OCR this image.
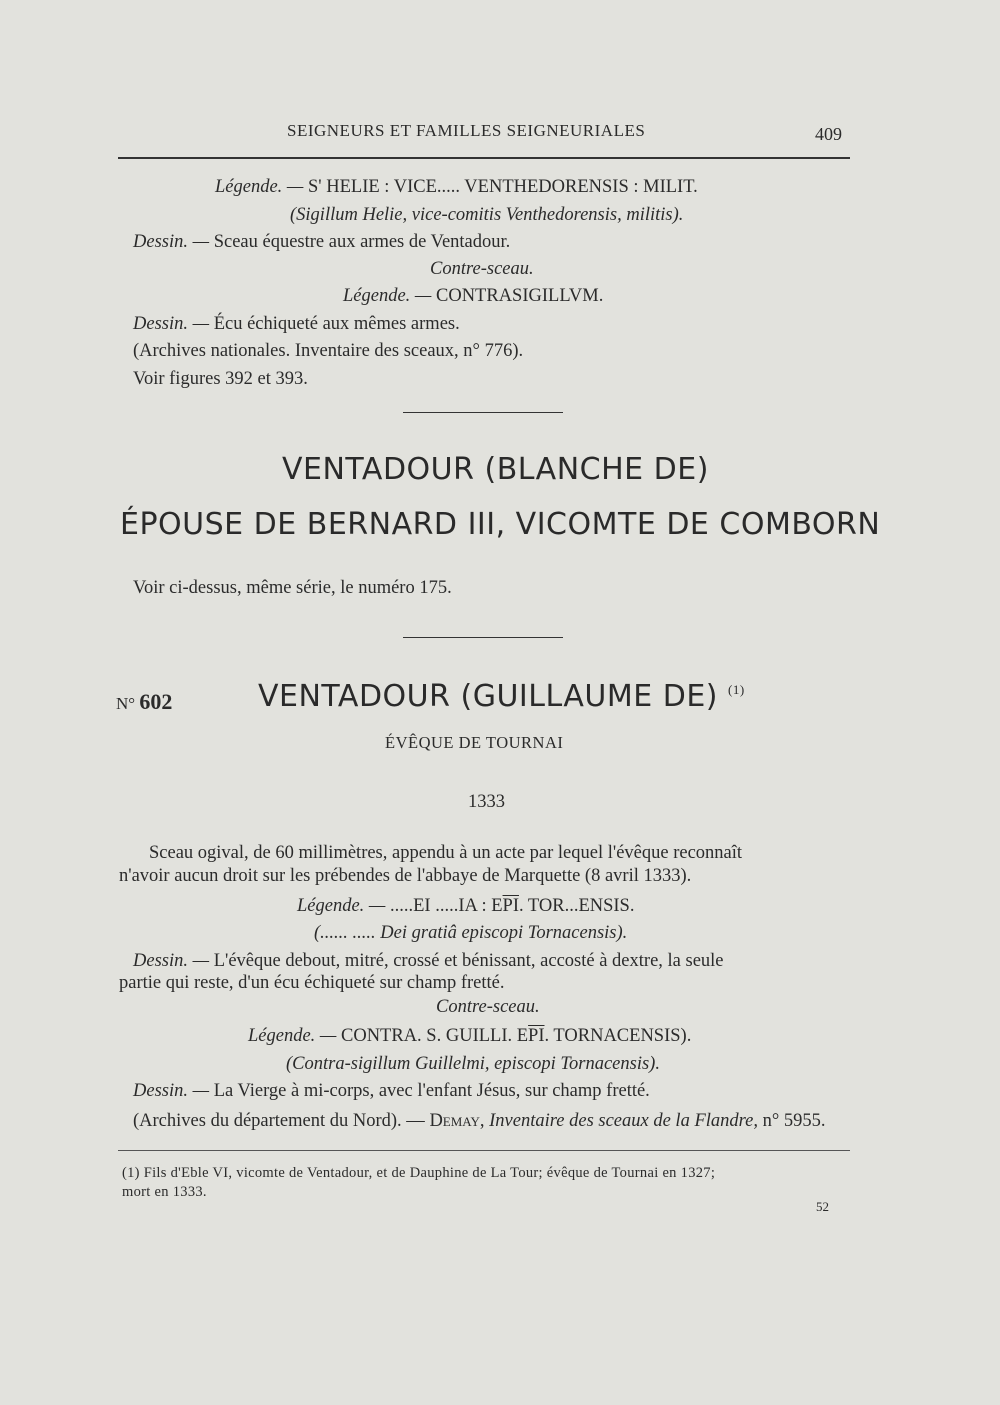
SEIGNEURS ET FAMILLES SEIGNEURIALES	409
Légende. — S' HELIE : VICE..... VENTHEDORENSIS : MILIT.
(Sigillum Helie, vice-comitis Venthedorensis, militis).
Dessin. — Sceau équestre aux armes de Ventadour.
Contre-sceau.
Légende. — CONTRASIGILLVM.
Dessin. — Écu échiqueté aux mêmes armes.
(Archives nationales. Inventaire des sceaux, n° 776).
Voir figures 392 et 393.
VENTADOUR (BLANCHE DE)
ÉPOUSE DE BERNARD III, VICOMTE DE COMBORN
Voir ci-dessus, même série, le numéro 175.
N° 602	VENTADOUR (GUILLAUME DE) $^{(1)}$
ÉVÊQUE DE TOURNAI
1333
Sceau ogival, de 60 millimètres, appendu à un acte par lequel l'évêque reconnaît
n'avoir aucun droit sur les prébendes de l'abbaye de Marquette (8 avril 1333).
Légende. — .....EI .....IA : $E\overline{PI}$. TOR...ENSIS.
(...... ..... Dei gratiâ episcopi Tornacensis).
Dessin. — L'évêque debout, mitré, crossé et bénissant, accosté à dextre, la seule
partie qui reste, d'un écu échiqueté sur champ fretté.
Contre-sceau.
Légende. — CONTRA. S. GUILLI. $E\overline{PI}$. TORNACENSIS).
(Contra-sigillum Guillelmi, episcopi Tornacensis).
Dessin. — La Vierge à mi-corps, avec l'enfant Jésus, sur champ fretté.
(Archives du département du Nord). — Demay, Inventaire des sceaux de la Flandre, n° 5955.
(1) Fils d'Eble VI, vicomte de Ventadour, et de Dauphine de La Tour; évêque de Tournai en 1327;
mort en 1333.
52
